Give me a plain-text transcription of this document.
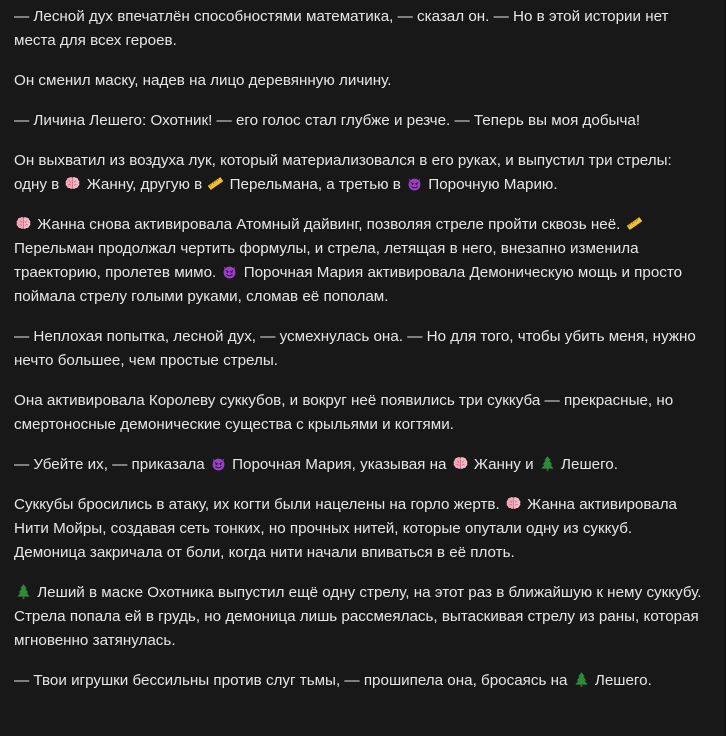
— Лесной дух впечатлён способностями математика, — сказал он. — Но в этой истории нет места для всех героев.

Он сменил маску, надев на лицо деревянную личину.

— Личина Лешего: Охотник! — его голос стал глубже и резче. — Теперь вы моя добыча!

Он выхватил из воздуха лук, который материализовался в его руках, и выпустил три стрелы: одну в
Жанну, другую в
Перельмана, а третью в
Порочную Марию.

Жанна снова активировала Атомный дайвинг, позволяя стреле пройти сквозь неё.
Перельман продолжал чертить формулы, и стрела, летящая в него, внезапно изменила траекторию, пролетев мимо.
Порочная Мария активировала Демоническую мощь и просто поймала стрелу голыми руками, сломав её пополам.

— Неплохая попытка, лесной дух, — усмехнулась она. — Но для того, чтобы убить меня, нужно нечто большее, чем простые стрелы.

Она активировала Королеву суккубов, и вокруг неё появились три суккуба — прекрасные, но смертоносные демонические существа с крыльями и когтями.

— Убейте их, — приказала
Порочная Мария, указывая на
Жанну и
Лешего.

Суккубы бросились в атаку, их когти были нацелены на горло жертв.
Жанна активировала Нити Мойры, создавая сеть тонких, но прочных нитей, которые опутали одну из суккуб. Демоница закричала от боли, когда нити начали впиваться в её плоть.

Леший в маске Охотника выпустил ещё одну стрелу, на этот раз в ближайшую к нему суккубу. Стрела попала ей в грудь, но демоница лишь рассмеялась, вытаскивая стрелу из раны, которая мгновенно затянулась.

— Твои игрушки бессильны против слуг тьмы, — прошипела она, бросаясь на
Лешего.
